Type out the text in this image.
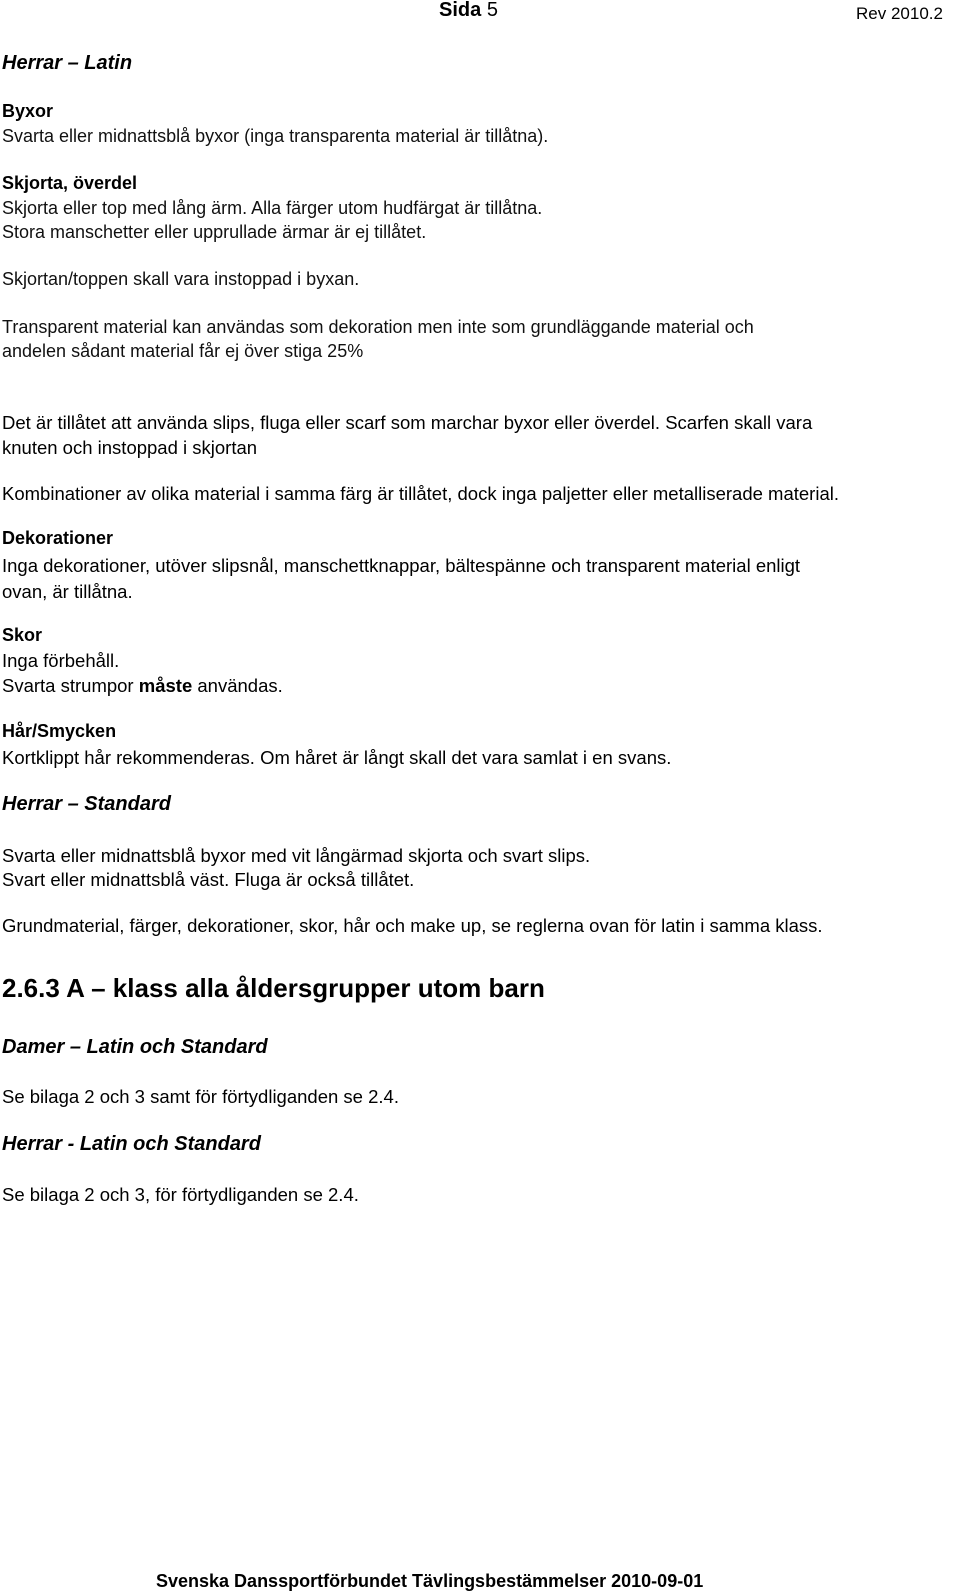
Sida 5	Rev 2010.2
Herrar – Latin
Byxor
Svarta eller midnattsblå byxor (inga transparenta material är tillåtna).
Skjorta, överdel
Skjorta eller top med lång ärm. Alla färger utom hudfärgat är tillåtna.
Stora manschetter eller upprullade ärmar är ej tillåtet.
Skjortan/toppen skall vara instoppad i byxan.
Transparent material kan användas som dekoration men inte som grundläggande material och
andelen sådant material får ej över stiga 25%
Det är tillåtet att använda slips, fluga eller scarf som marchar byxor eller överdel. Scarfen skall vara
knuten och instoppad i skjortan
Kombinationer av olika material i samma färg är tillåtet, dock inga paljetter eller metalliserade material.
Dekorationer
Inga dekorationer, utöver slipsnål, manschettknappar, bältespänne och transparent material enligt
ovan, är tillåtna.
Skor
Inga förbehåll.
Svarta strumpor måste användas.
Hår/Smycken
Kortklippt hår rekommenderas. Om håret är långt skall det vara samlat i en svans.
Herrar – Standard
Svarta eller midnattsblå byxor med vit långärmad skjorta och svart slips.
Svart eller midnattsblå väst. Fluga är också tillåtet.
Grundmaterial, färger, dekorationer, skor, hår och make up, se reglerna ovan för latin i samma klass.
2.6.3 A – klass alla åldersgrupper utom barn
Damer – Latin och Standard
Se bilaga 2 och 3 samt för förtydliganden se 2.4.
Herrar - Latin och Standard
Se bilaga 2 och 3, för förtydliganden se 2.4.
Svenska Danssportförbundet Tävlingsbestämmelser 2010-09-01
